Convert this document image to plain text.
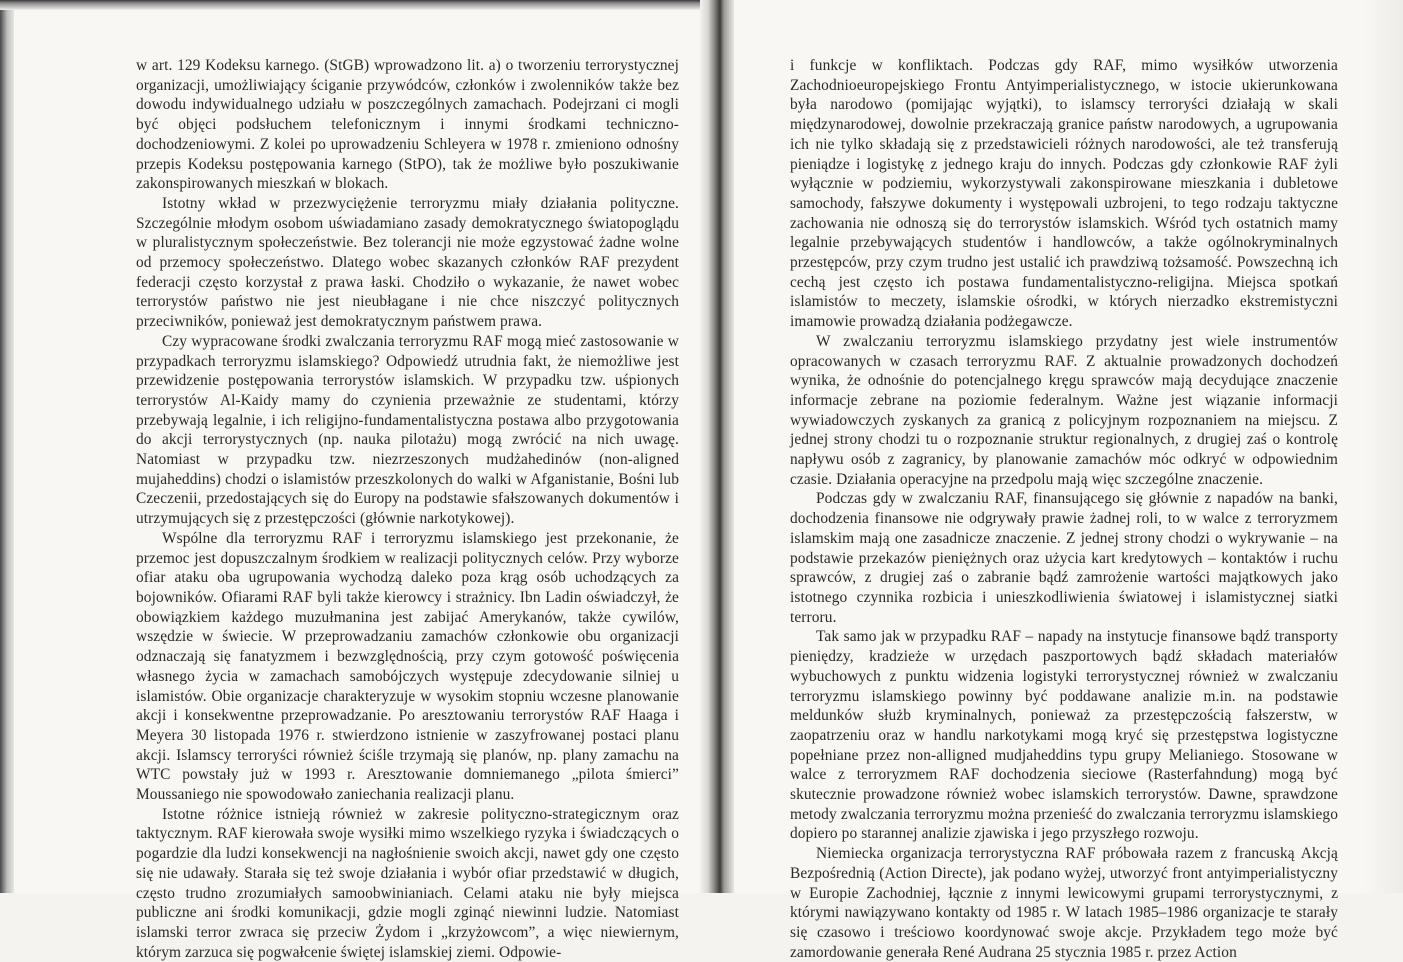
w art. 129 Kodeksu karnego. (StGB) wprowadzono lit. a) o tworzeniu terrorystycznej organizacji, umożliwiający ściganie przywódców, członków i zwolenników także bez dowodu indywidualnego udziału w poszczególnych zamachach. Podejrzani ci mogli być objęci podsłuchem telefonicznym i innymi środkami techniczno-dochodzeniowymi. Z kolei po uprowadzeniu Schleyera w 1978 r. zmieniono odnośny przepis Kodeksu postępowania karnego (StPO), tak że możliwe było poszukiwanie zakonspirowanych mieszkań w blokach.

Istotny wkład w przezwyciężenie terroryzmu miały działania polityczne. Szczególnie młodym osobom uświadamiano zasady demokratycznego światopoglądu w pluralistycznym społeczeństwie. Bez tolerancji nie może egzystować żadne wolne od przemocy społeczeństwo. Dlatego wobec skazanych członków RAF prezydent federacji często korzystał z prawa łaski. Chodziło o wykazanie, że nawet wobec terrorystów państwo nie jest nieubłagane i nie chce niszczyć politycznych przeciwników, ponieważ jest demokratycznym państwem prawa.

Czy wypracowane środki zwalczania terroryzmu RAF mogą mieć zastosowanie w przypadkach terroryzmu islamskiego? Odpowiedź utrudnia fakt, że niemożliwe jest przewidzenie postępowania terrorystów islamskich. W przypadku tzw. uśpionych terrorystów Al-Kaidy mamy do czynienia przeważnie ze studentami, którzy przebywają legalnie, i ich religijno-fundamentalistyczna postawa albo przygotowania do akcji terrorystycznych (np. nauka pilotażu) mogą zwrócić na nich uwagę. Natomiast w przypadku tzw. niezrzeszonych mudżahedinów (non-aligned mujaheddins) chodzi o islamistów przeszkolonych do walki w Afganistanie, Bośni lub Czeczenii, przedostających się do Europy na podstawie sfałszowanych dokumentów i utrzymujących się z przestępczości (głównie narkotykowej).

Wspólne dla terroryzmu RAF i terroryzmu islamskiego jest przekonanie, że przemoc jest dopuszczalnym środkiem w realizacji politycznych celów. Przy wyborze ofiar ataku oba ugrupowania wychodzą daleko poza krąg osób uchodzących za bojowników. Ofiarami RAF byli także kierowcy i strażnicy. Ibn Ladin oświadczył, że obowiązkiem każdego muzułmanina jest zabijać Amerykanów, także cywilów, wszędzie w świecie. W przeprowadzaniu zamachów członkowie obu organizacji odznaczają się fanatyzmem i bezwzględnością, przy czym gotowość poświęcenia własnego życia w zamachach samobójczych występuje zdecydowanie silniej u islamistów. Obie organizacje charakteryzuje w wysokim stopniu wczesne planowanie akcji i konsekwentne przeprowadzanie. Po aresztowaniu terrorystów RAF Haaga i Meyera 30 listopada 1976 r. stwierdzono istnienie w zaszyfrowanej postaci planu akcji. Islamscy terroryści również ściśle trzymają się planów, np. plany zamachu na WTC powstały już w 1993 r. Aresztowanie domniemanego „pilota śmierci” Moussaniego nie spowodowało zaniechania realizacji planu.

Istotne różnice istnieją również w zakresie polityczno-strategicznym oraz taktycznym. RAF kierowała swoje wysiłki mimo wszelkiego ryzyka i świadczących o pogardzie dla ludzi konsekwencji na nagłośnienie swoich akcji, nawet gdy one często się nie udawały. Starała się też swoje działania i wybór ofiar przedstawić w długich, często trudno zrozumiałych samoobwinianiach. Celami ataku nie były miejsca publiczne ani środki komunikacji, gdzie mogli zginąć niewinni ludzie. Natomiast islamski terror zwraca się przeciw Żydom i „krzyżowcom”, a więc niewiernym, którym zarzuca się pogwałcenie świętej islamskiej ziemi. Odpowie-

i funkcje w konfliktach. Podczas gdy RAF, mimo wysiłków utworzenia Zachodnioeuropejskiego Frontu Antyimperialistycznego, w istocie ukierunkowana była narodowo (pomijając wyjątki), to islamscy terroryści działają w skali międzynarodowej, dowolnie przekraczają granice państw narodowych, a ugrupowania ich nie tylko składają się z przedstawicieli różnych narodowości, ale też transferują pieniądze i logistykę z jednego kraju do innych. Podczas gdy członkowie RAF żyli wyłącznie w podziemiu, wykorzystywali zakonspirowane mieszkania i dubletowe samochody, fałszywe dokumenty i występowali uzbrojeni, to tego rodzaju taktyczne zachowania nie odnoszą się do terrorystów islamskich. Wśród tych ostatnich mamy legalnie przebywających studentów i handlowców, a także ogólnokryminalnych przestępców, przy czym trudno jest ustalić ich prawdziwą tożsamość. Powszechną ich cechą jest często ich postawa fundamentalistyczno-religijna. Miejsca spotkań islamistów to meczety, islamskie ośrodki, w których nierzadko ekstremistyczni imamowie prowadzą działania podżegawcze.

W zwalczaniu terroryzmu islamskiego przydatny jest wiele instrumentów opracowanych w czasach terroryzmu RAF. Z aktualnie prowadzonych dochodzeń wynika, że odnośnie do potencjalnego kręgu sprawców mają decydujące znaczenie informacje zebrane na poziomie federalnym. Ważne jest wiązanie informacji wywiadowczych zyskanych za granicą z policyjnym rozpoznaniem na miejscu. Z jednej strony chodzi tu o rozpoznanie struktur regionalnych, z drugiej zaś o kontrolę napływu osób z zagranicy, by planowanie zamachów móc odkryć w odpowiednim czasie. Działania operacyjne na przedpolu mają więc szczególne znaczenie.

Podczas gdy w zwalczaniu RAF, finansującego się głównie z napadów na banki, dochodzenia finansowe nie odgrywały prawie żadnej roli, to w walce z terroryzmem islamskim mają one zasadnicze znaczenie. Z jednej strony chodzi o wykrywanie – na podstawie przekazów pieniężnych oraz użycia kart kredytowych – kontaktów i ruchu sprawców, z drugiej zaś o zabranie bądź zamrożenie wartości majątkowych jako istotnego czynnika rozbicia i unieszkodliwienia światowej i islamistycznej siatki terroru.

Tak samo jak w przypadku RAF – napady na instytucje finansowe bądź transporty pieniędzy, kradzieże w urzędach paszportowych bądź składach materiałów wybuchowych z punktu widzenia logistyki terrorystycznej również w zwalczaniu terroryzmu islamskiego powinny być poddawane analizie m.in. na podstawie meldunków służb kryminalnych, ponieważ za przestępczością fałszerstw, w zaopatrzeniu oraz w handlu narkotykami mogą kryć się przestępstwa logistyczne popełniane przez non-alligned mudjaheddins typu grupy Melianiego. Stosowane w walce z terroryzmem RAF dochodzenia sieciowe (Rasterfahndung) mogą być skutecznie prowadzone również wobec islamskich terrorystów. Dawne, sprawdzone metody zwalczania terroryzmu można przenieść do zwalczania terroryzmu islamskiego dopiero po starannej analizie zjawiska i jego przyszłego rozwoju.

Niemiecka organizacja terrorystyczna RAF próbowała razem z francuską Akcją Bezpośrednią (Action Directe), jak podano wyżej, utworzyć front antyimperialistyczny w Europie Zachodniej, łącznie z innymi lewicowymi grupami terrorystycznymi, z którymi nawiązywano kontakty od 1985 r. W latach 1985–1986 organizacje te starały się czasowo i treściowo koordynować swoje akcje. Przykładem tego może być zamordowanie generała René Audrana 25 stycznia 1985 r. przez Action
